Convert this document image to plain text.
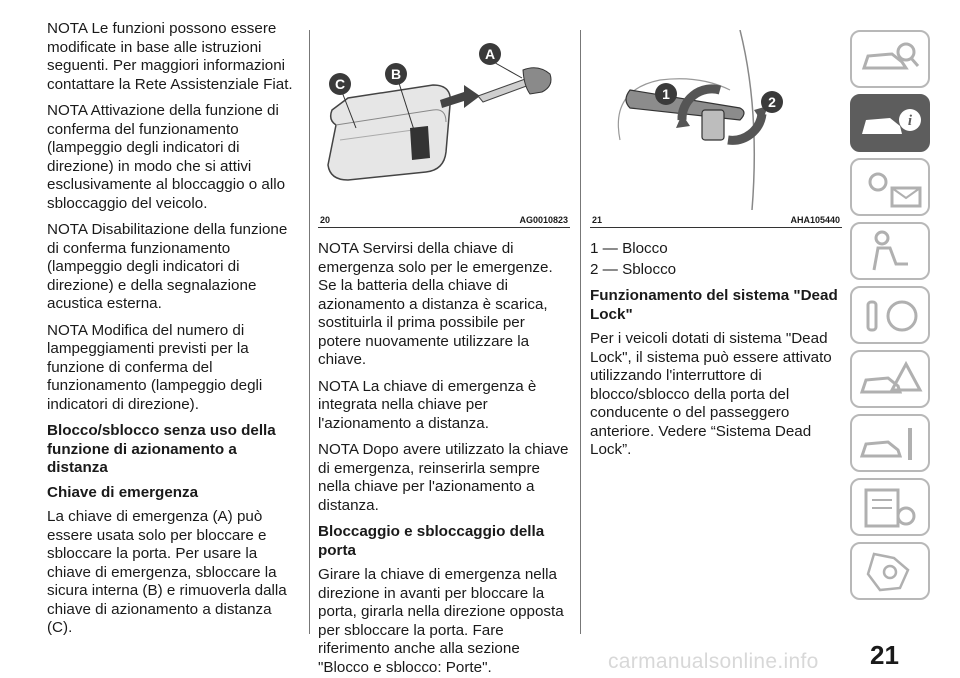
NOTA Le funzioni possono essere modificate in base alle istruzioni seguenti. Per maggiori informazioni contattare la Rete Assistenziale Fiat.

NOTA Attivazione della funzione di conferma del funzionamento (lampeggio degli indicatori di direzione) in modo che si attivi esclusivamente al bloccaggio o allo sbloccaggio del veicolo.

NOTA Disabilitazione della funzione di conferma funzionamento (lampeggio degli indicatori di direzione) e della segnalazione acustica esterna.

NOTA Modifica del numero di lampeggiamenti previsti per la funzione di conferma del funzionamento (lampeggio degli indicatori di direzione).

Blocco/sblocco senza uso della funzione di azionamento a distanza
Chiave di emergenza

La chiave di emergenza (A) può essere usata solo per bloccare e sbloccare la porta. Per usare la chiave di emergenza, sbloccare la sicura interna (B) e rimuoverla dalla chiave di azionamento a distanza (C).

A
B
C
20	AG0010823

NOTA Servirsi della chiave di emergenza solo per le emergenze. Se la batteria della chiave di azionamento a distanza è scarica, sostituirla il prima possibile per potere nuovamente utilizzare la chiave.

NOTA La chiave di emergenza è integrata nella chiave per l'azionamento a distanza.

NOTA Dopo avere utilizzato la chiave di emergenza, reinserirla sempre nella chiave per l'azionamento a distanza.

Bloccaggio e sbloccaggio della porta

Girare la chiave di emergenza nella direzione in avanti per bloccare la porta, girarla nella direzione opposta per sbloccare la porta. Fare riferimento anche alla sezione "Blocco e sblocco: Porte".

1	2
21	AHA105440

1 — Blocco

2 — Sblocco

Funzionamento del sistema "Dead Lock"

Per i veicoli dotati di sistema "Dead Lock", il sistema può essere attivato utilizzando l'interruttore di blocco/sblocco della porta del conducente o del passeggero anteriore. Vedere “Sistema Dead Lock”.

i
21
carmanualsonline.info
